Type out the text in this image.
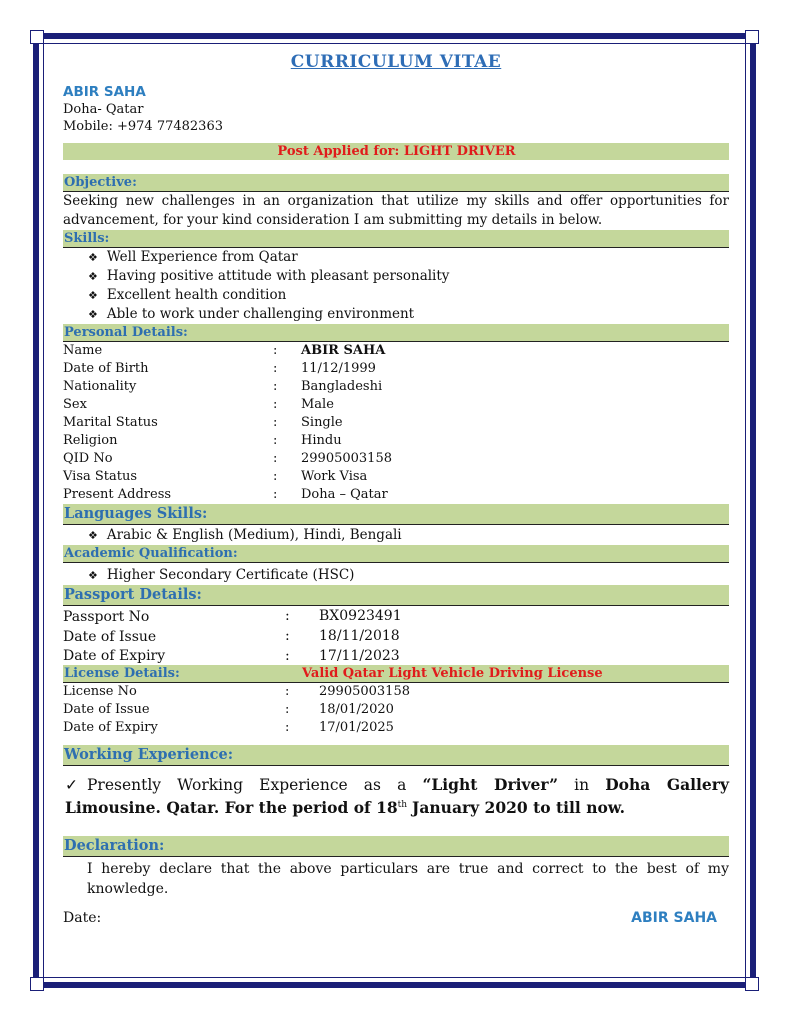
CURRICULUM VITAE
ABIR SAHA
Doha- Qatar
Mobile: +974 77482363
Post Applied for: LIGHT DRIVER
Objective:
Seeking new challenges in an organization that utilize my skills and offer opportunities for advancement, for your kind consideration I am submitting my details in below.
Skills:
❖ Well Experience from Qatar
❖ Having positive attitude with pleasant personality
❖ Excellent health condition
❖ Able to work under challenging environment
Personal Details:
Name	:	ABIR SAHA
Date of Birth	:	11/12/1999
Nationality	:	Bangladeshi
Sex	:	Male
Marital Status	:	Single
Religion	:	Hindu
QID No	:	29905003158
Visa Status	:	Work Visa
Present Address	:	Doha – Qatar
Languages Skills:
❖ Arabic & English (Medium), Hindi, Bengali
Academic Qualification:
❖ Higher Secondary Certificate (HSC)
Passport Details:
Passport No	:	BX0923491
Date of Issue	:	18/11/2018
Date of Expiry	:	17/11/2023
License Details:	Valid Qatar Light Vehicle Driving License
License No	:	29905003158
Date of Issue	:	18/01/2020
Date of Expiry	:	17/01/2025
Working Experience:
✓ Presently Working Experience as a “Light Driver” in Doha Gallery Limousine. Qatar. For the period of 18th January 2020 to till now.
Declaration:
I hereby declare that the above particulars are true and correct to the best of my knowledge.
Date:	ABIR SAHA
